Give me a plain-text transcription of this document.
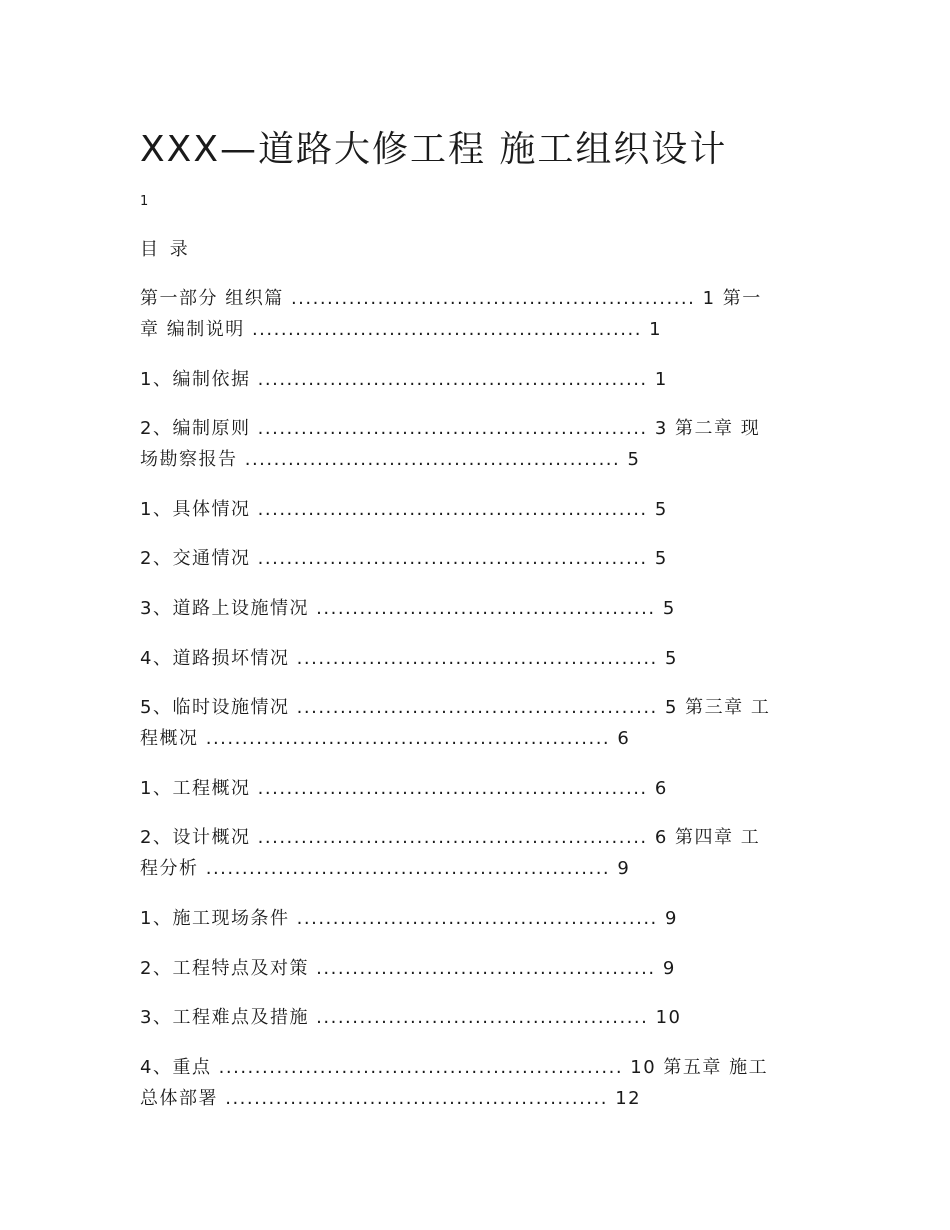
XXX—道路大修工程 施工组织设计
1
目 录
第一部分 组织篇 ........................................................ 1 第一
章 编制说明 ...................................................... 1
1、编制依据 ...................................................... 1
2、编制原则 ...................................................... 3 第二章 现
场勘察报告 .................................................... 5
1、具体情况 ...................................................... 5
2、交通情况 ...................................................... 5
3、道路上设施情况 ............................................... 5
4、道路损坏情况 .................................................. 5
5、临时设施情况 .................................................. 5 第三章 工
程概况 ........................................................ 6
1、工程概况 ...................................................... 6
2、设计概况 ...................................................... 6 第四章 工
程分析 ........................................................ 9
1、施工现场条件 .................................................. 9
2、工程特点及对策 ............................................... 9
3、工程难点及措施 .............................................. 10
4、重点 ........................................................ 10 第五章 施工
总体部署 ..................................................... 12
